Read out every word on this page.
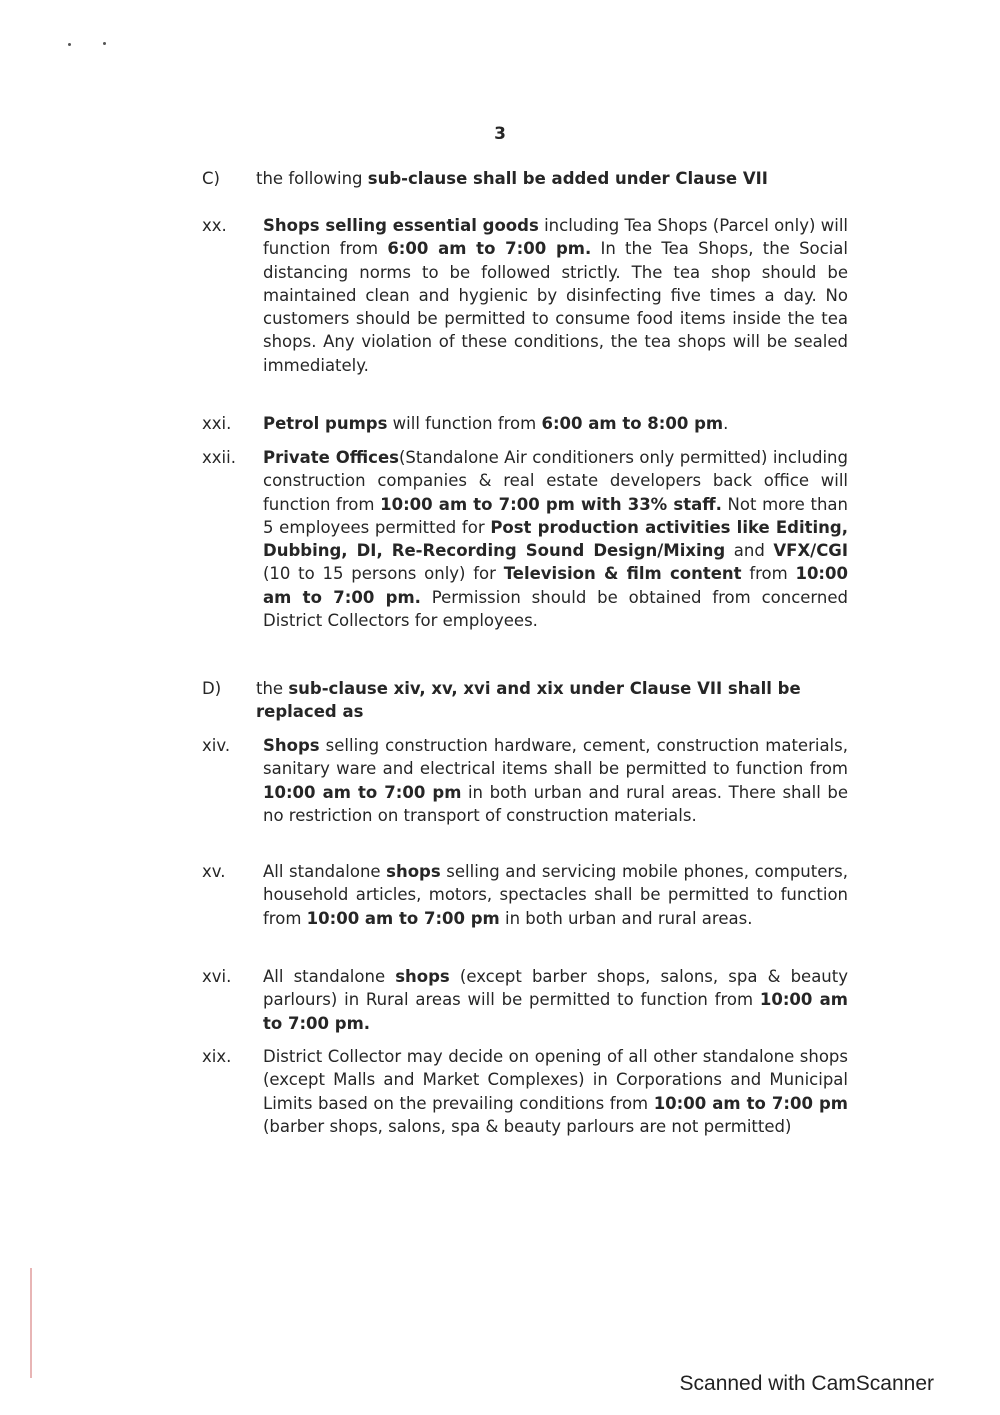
3
C) the following sub-clause shall be added under Clause VII
xx. Shops selling essential goods including Tea Shops (Parcel only) will function from 6:00 am to 7:00 pm. In the Tea Shops, the Social distancing norms to be followed strictly. The tea shop should be maintained clean and hygienic by disinfecting five times a day. No customers should be permitted to consume food items inside the tea shops. Any violation of these conditions, the tea shops will be sealed immediately.
xxi. Petrol pumps will function from 6:00 am to 8:00 pm.
xxii. Private Offices(Standalone Air conditioners only permitted) including construction companies & real estate developers back office will function from 10:00 am to 7:00 pm with 33% staff. Not more than 5 employees permitted for Post production activities like Editing, Dubbing, DI, Re-Recording Sound Design/Mixing and VFX/CGI (10 to 15 persons only) for Television & film content from 10:00 am to 7:00 pm. Permission should be obtained from concerned District Collectors for employees.
D) the sub-clause xiv, xv, xvi and xix under Clause VII shall be replaced as
xiv. Shops selling construction hardware, cement, construction materials, sanitary ware and electrical items shall be permitted to function from 10:00 am to 7:00 pm in both urban and rural areas. There shall be no restriction on transport of construction materials.
xv. All standalone shops selling and servicing mobile phones, computers, household articles, motors, spectacles shall be permitted to function from 10:00 am to 7:00 pm in both urban and rural areas.
xvi. All standalone shops (except barber shops, salons, spa & beauty parlours) in Rural areas will be permitted to function from 10:00 am to 7:00 pm.
xix. District Collector may decide on opening of all other standalone shops (except Malls and Market Complexes) in Corporations and Municipal Limits based on the prevailing conditions from 10:00 am to 7:00 pm (barber shops, salons, spa & beauty parlours are not permitted)
Scanned with CamScanner
